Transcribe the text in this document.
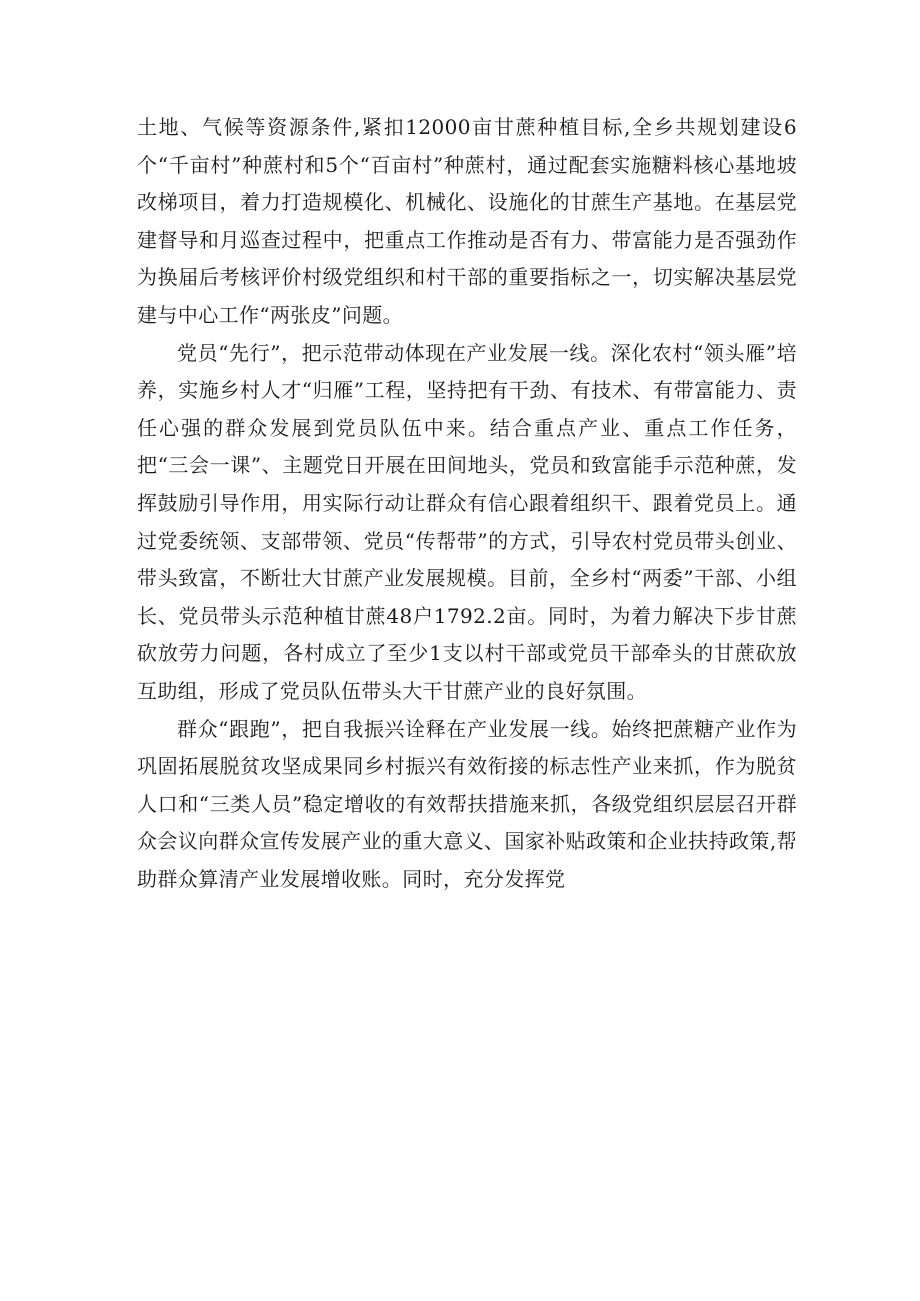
土地、气候等资源条件,紧扣12000亩甘蔗种植目标,全乡共规划建设6个“千亩村”种蔗村和5个“百亩村”种蔗村，通过配套实施糖料核心基地坡改梯项目，着力打造规模化、机械化、设施化的甘蔗生产基地。在基层党建督导和月巡查过程中，把重点工作推动是否有力、带富能力是否强劲作为换届后考核评价村级党组织和村干部的重要指标之一，切实解决基层党建与中心工作“两张皮”问题。

党员“先行”，把示范带动体现在产业发展一线。深化农村“领头雁”培养，实施乡村人才“归雁”工程，坚持把有干劲、有技术、有带富能力、责任心强的群众发展到党员队伍中来。结合重点产业、重点工作任务，把“三会一课”、主题党日开展在田间地头，党员和致富能手示范种蔗，发挥鼓励引导作用，用实际行动让群众有信心跟着组织干、跟着党员上。通过党委统领、支部带领、党员“传帮带”的方式，引导农村党员带头创业、带头致富，不断壮大甘蔗产业发展规模。目前，全乡村“两委”干部、小组长、党员带头示范种植甘蔗48户1792.2亩。同时，为着力解决下步甘蔗砍放劳力问题，各村成立了至少1支以村干部或党员干部牵头的甘蔗砍放互助组，形成了党员队伍带头大干甘蔗产业的良好氛围。

群众“跟跑”，把自我振兴诠释在产业发展一线。始终把蔗糖产业作为巩固拓展脱贫攻坚成果同乡村振兴有效衔接的标志性产业来抓，作为脱贫人口和“三类人员”稳定增收的有效帮扶措施来抓，各级党组织层层召开群众会议向群众宣传发展产业的重大意义、国家补贴政策和企业扶持政策,帮助群众算清产业发展增收账。同时，充分发挥党
